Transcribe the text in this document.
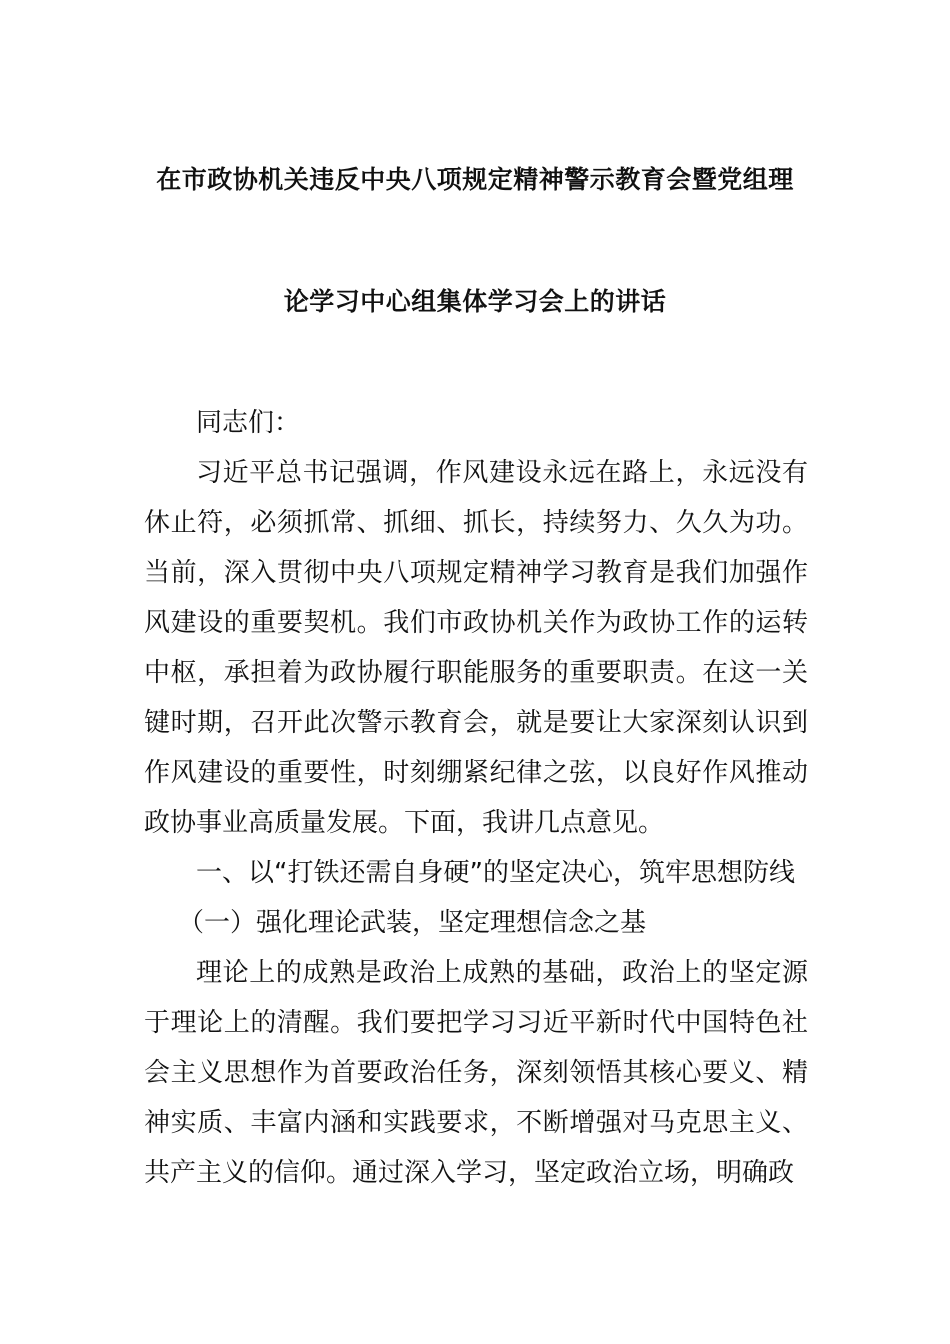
在市政协机关违反中央八项规定精神警示教育会暨党组理
论学习中心组集体学习会上的讲话

同志们：

习近平总书记强调，作风建设永远在路上，永远没有休止符，必须抓常、抓细、抓长，持续努力、久久为功。当前，深入贯彻中央八项规定精神学习教育是我们加强作风建设的重要契机。我们市政协机关作为政协工作的运转中枢，承担着为政协履行职能服务的重要职责。在这一关键时期，召开此次警示教育会，就是要让大家深刻认识到作风建设的重要性，时刻绷紧纪律之弦，以良好作风推动政协事业高质量发展。下面，我讲几点意见。

一、以“打铁还需自身硬”的坚定决心，筑牢思想防线

（一）强化理论武装，坚定理想信念之基

理论上的成熟是政治上成熟的基础，政治上的坚定源于理论上的清醒。我们要把学习习近平新时代中国特色社会主义思想作为首要政治任务，深刻领悟其核心要义、精神实质、丰富内涵和实践要求，不断增强对马克思主义、共产主义的信仰。通过深入学习，坚定政治立场，明确政
